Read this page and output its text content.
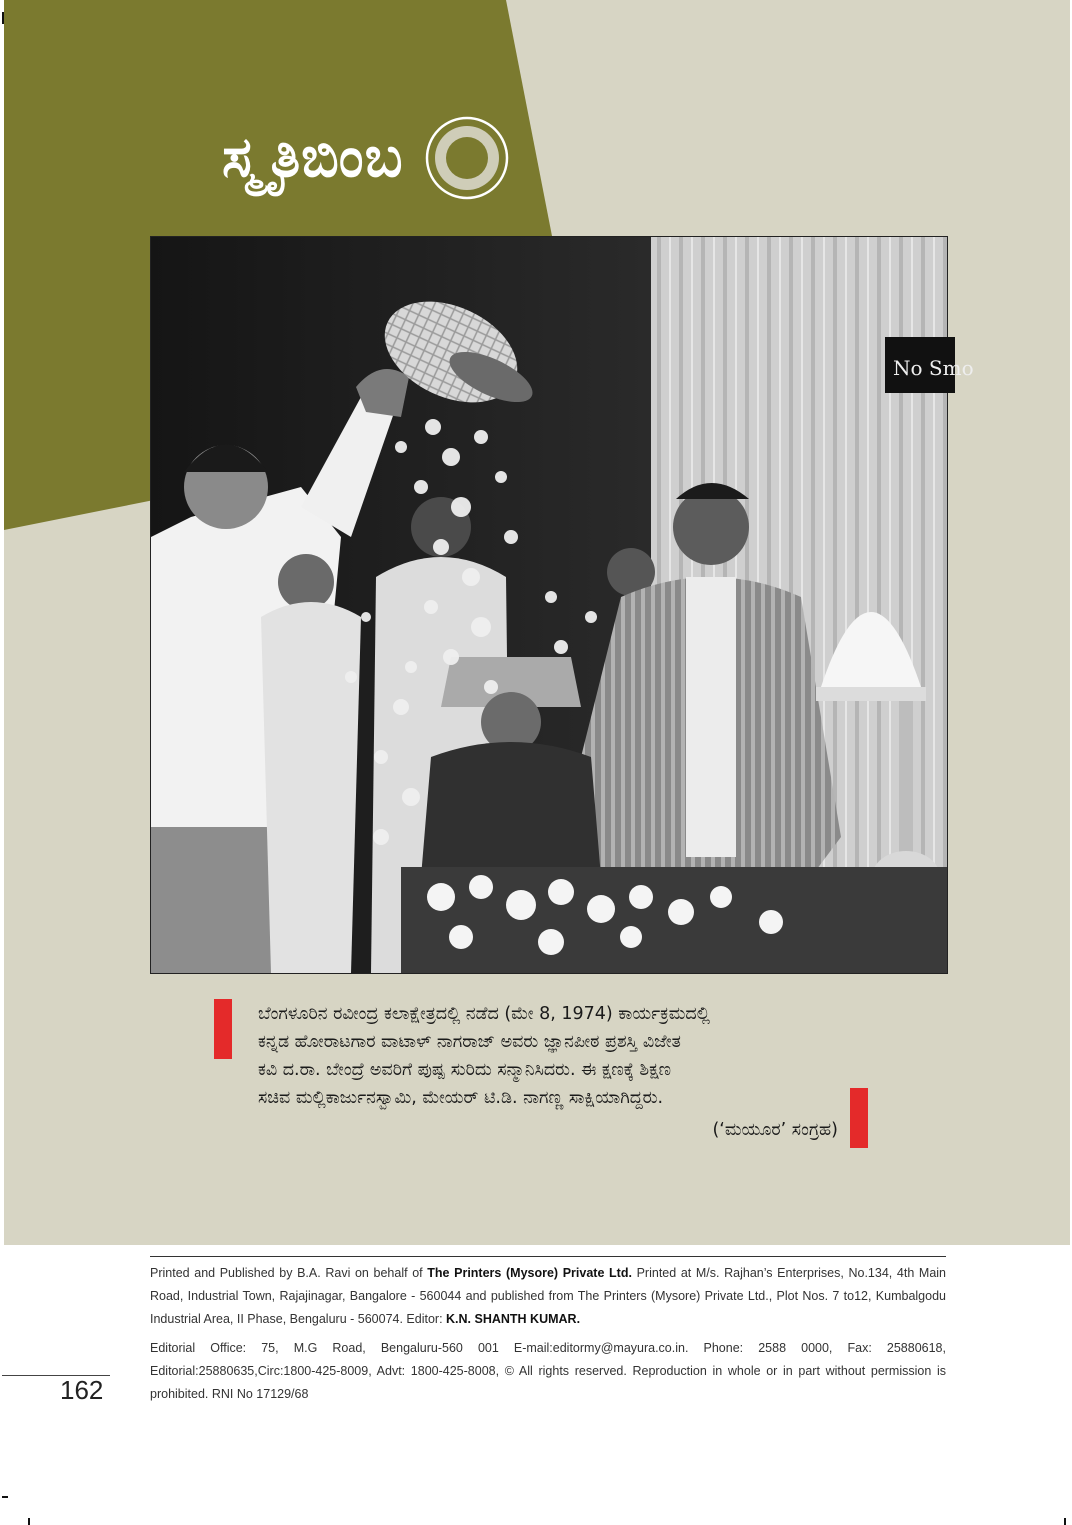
ಸ್ಮೃತಿಬಿಂಬ
No Smo
ಬೆಂಗಳೂರಿನ ರವೀಂದ್ರ ಕಲಾಕ್ಷೇತ್ರದಲ್ಲಿ ನಡೆದ (ಮೇ 8, 1974) ಕಾರ್ಯಕ್ರಮದಲ್ಲಿ
ಕನ್ನಡ ಹೋರಾಟಗಾರ ವಾಟಾಳ್ ನಾಗರಾಜ್ ಅವರು ಜ್ಞಾನಪೀಠ ಪ್ರಶಸ್ತಿ ವಿಜೇತ
ಕವಿ ದ.ರಾ. ಬೇಂದ್ರೆ ಅವರಿಗೆ ಪುಷ್ಪ ಸುರಿದು ಸನ್ಮಾನಿಸಿದರು. ಈ ಕ್ಷಣಕ್ಕೆ ಶಿಕ್ಷಣ
ಸಚಿವ ಮಲ್ಲಿಕಾರ್ಜುನಸ್ವಾಮಿ, ಮೇಯರ್ ಟಿ.ಡಿ. ನಾಗಣ್ಣ ಸಾಕ್ಷಿಯಾಗಿದ್ದರು.
(‘ಮಯೂರ’ ಸಂಗ್ರಹ)

Printed and Published by B.A. Ravi on behalf of The Printers (Mysore) Private Ltd. Printed at M/s. Rajhan’s Enterprises, No.134, 4th Main Road, Industrial Town, Rajajinagar, Bangalore - 560044 and published from The Printers (Mysore) Private Ltd., Plot Nos. 7 to12, Kumbalgodu Industrial Area, II Phase, Bengaluru - 560074. Editor: K.N. SHANTH KUMAR.

Editorial Office: 75, M.G Road, Bengaluru-560 001 E-mail:editormy@mayura.co.in. Phone: 2588 0000, Fax: 25880618, Editorial:25880635,Circ:1800-425-8009, Advt: 1800-425-8008, © All rights reserved. Reproduction in whole or in part without permission is prohibited. RNI No 17129/68

162
